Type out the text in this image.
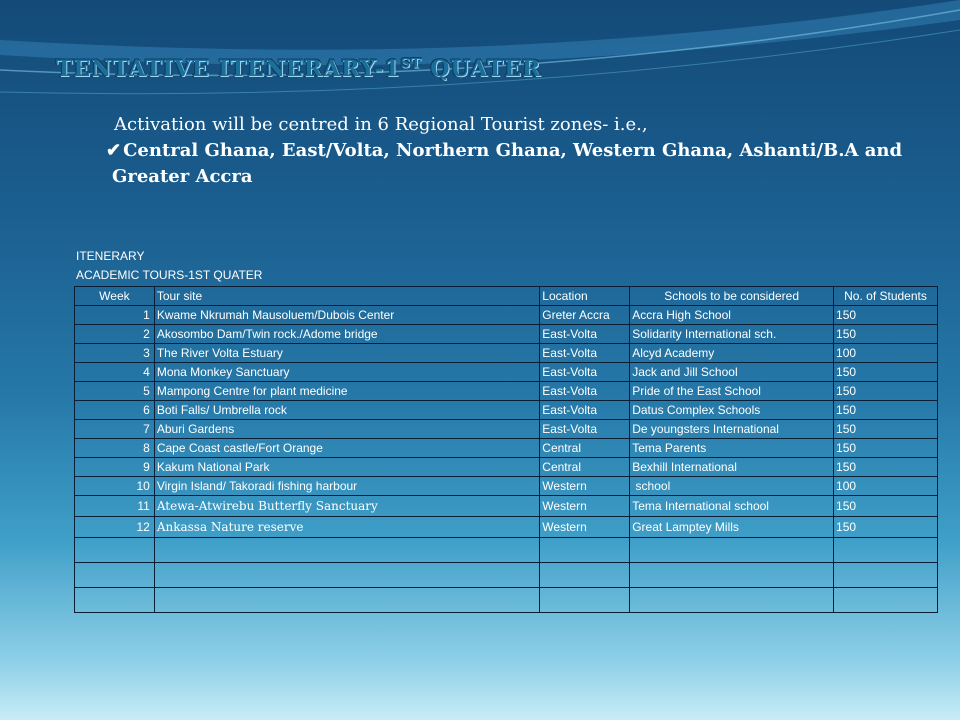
TENTATIVE ITENERARY-1ST QUATER

Activation will be centred in 6 Regional Tourist zones- i.e.,

✔ Central Ghana, East/Volta, Northern Ghana, Western Ghana, Ashanti/B.A and Greater Accra

ITENERARY
ACADEMIC TOURS-1ST QUATER
Week	Tour site	Location	Schools to be considered	No. of Students
1	Kwame Nkrumah Mausoluem/Dubois Center	Greter Accra	Accra High School	150
2	Akosombo Dam/Twin rock./Adome bridge	East-Volta	Solidarity International sch.	150
3	The River Volta Estuary	East-Volta	Alcyd Academy	100
4	Mona Monkey Sanctuary	East-Volta	Jack and Jill School	150
5	Mampong Centre for plant medicine	East-Volta	Pride of the East School	150
6	Boti Falls/ Umbrella rock	East-Volta	Datus Complex Schools	150
7	Aburi Gardens	East-Volta	De youngsters International	150
8	Cape Coast castle/Fort Orange	Central	Tema Parents	150
9	Kakum National Park	Central	Bexhill International	150
10	Virgin Island/ Takoradi fishing harbour	Western	school	100
11	Atewa-Atwirebu Butterfly Sanctuary	Western	Tema International school	150
12	Ankassa Nature reserve	Western	Great Lamptey Mills	150
